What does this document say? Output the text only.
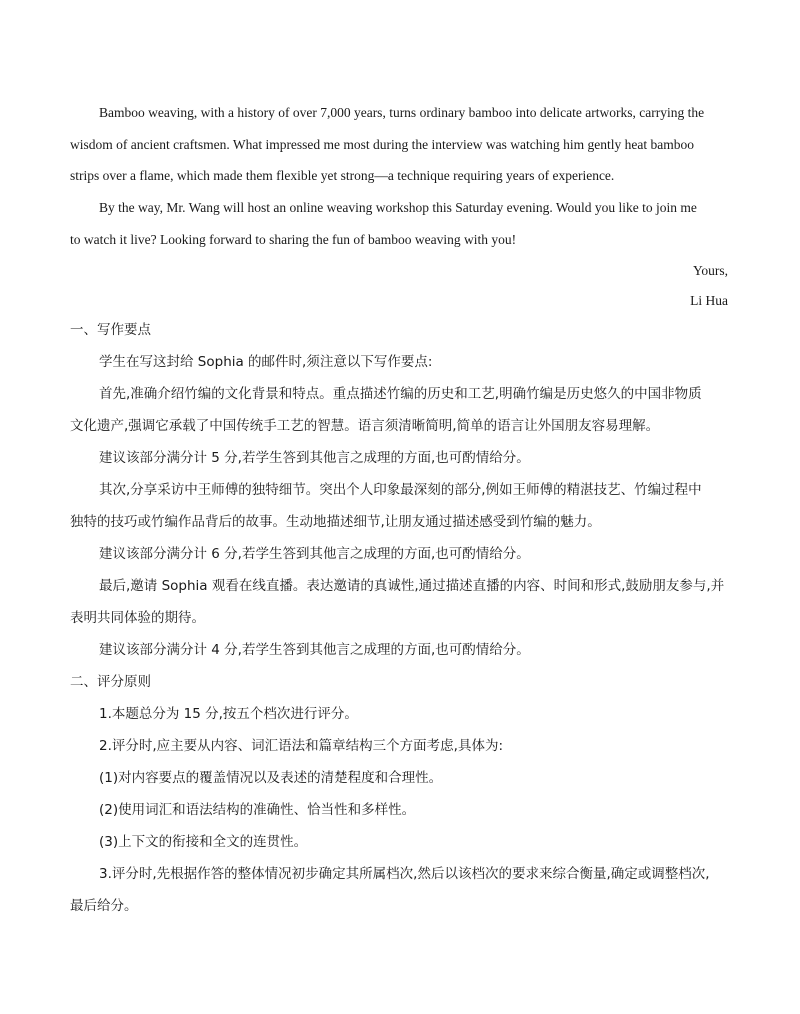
Bamboo weaving, with a history of over 7,000 years, turns ordinary bamboo into delicate artworks, carrying the
wisdom of ancient craftsmen. What impressed me most during the interview was watching him gently heat bamboo
strips over a flame, which made them flexible yet strong—a technique requiring years of experience.
By the way, Mr. Wang will host an online weaving workshop this Saturday evening. Would you like to join me
to watch it live? Looking forward to sharing the fun of bamboo weaving with you!
Yours,
Li Hua
一、写作要点
学生在写这封给 Sophia 的邮件时,须注意以下写作要点:
首先,准确介绍竹编的文化背景和特点。重点描述竹编的历史和工艺,明确竹编是历史悠久的中国非物质
文化遗产,强调它承载了中国传统手工艺的智慧。语言须清晰简明,简单的语言让外国朋友容易理解。
建议该部分满分计 5 分,若学生答到其他言之成理的方面,也可酌情给分。
其次,分享采访中王师傅的独特细节。突出个人印象最深刻的部分,例如王师傅的精湛技艺、竹编过程中
独特的技巧或竹编作品背后的故事。生动地描述细节,让朋友通过描述感受到竹编的魅力。
建议该部分满分计 6 分,若学生答到其他言之成理的方面,也可酌情给分。
最后,邀请 Sophia 观看在线直播。表达邀请的真诚性,通过描述直播的内容、时间和形式,鼓励朋友参与,并
表明共同体验的期待。
建议该部分满分计 4 分,若学生答到其他言之成理的方面,也可酌情给分。
二、评分原则
1.本题总分为 15 分,按五个档次进行评分。
2.评分时,应主要从内容、词汇语法和篇章结构三个方面考虑,具体为:
(1)对内容要点的覆盖情况以及表述的清楚程度和合理性。
(2)使用词汇和语法结构的准确性、恰当性和多样性。
(3)上下文的衔接和全文的连贯性。
3.评分时,先根据作答的整体情况初步确定其所属档次,然后以该档次的要求来综合衡量,确定或调整档次,
最后给分。
